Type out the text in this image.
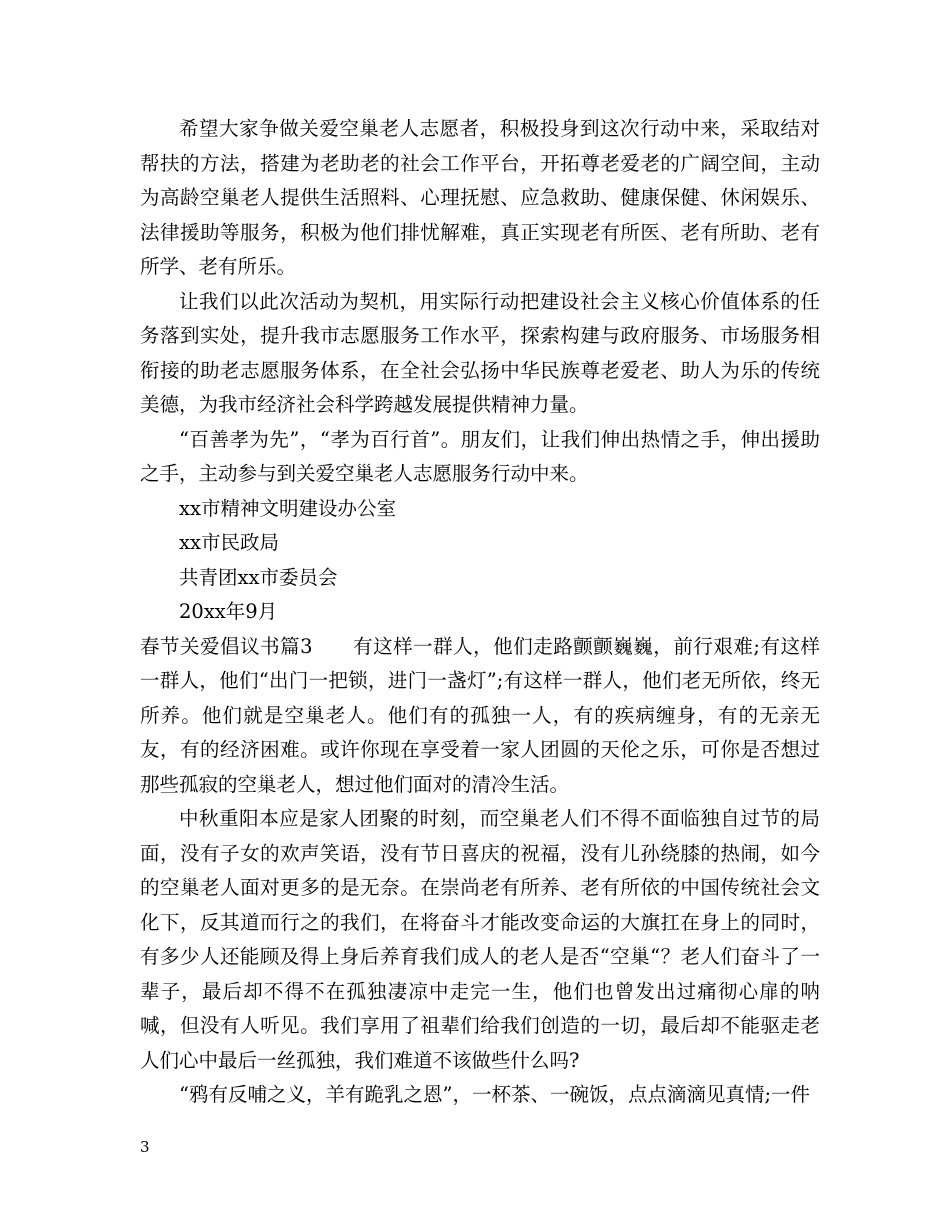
希望大家争做关爱空巢老人志愿者，积极投身到这次行动中来，采取结对帮扶的方法，搭建为老助老的社会工作平台，开拓尊老爱老的广阔空间，主动为高龄空巢老人提供生活照料、心理抚慰、应急救助、健康保健、休闲娱乐、法律援助等服务，积极为他们排忧解难，真正实现老有所医、老有所助、老有所学、老有所乐。

让我们以此次活动为契机，用实际行动把建设社会主义核心价值体系的任务落到实处，提升我市志愿服务工作水平，探索构建与政府服务、市场服务相衔接的助老志愿服务体系，在全社会弘扬中华民族尊老爱老、助人为乐的传统美德，为我市经济社会科学跨越发展提供精神力量。

“百善孝为先”，“孝为百行首”。朋友们，让我们伸出热情之手，伸出援助之手，主动参与到关爱空巢老人志愿服务行动中来。

xx市精神文明建设办公室

xx市民政局

共青团xx市委员会

20xx年9月

春节关爱倡议书篇3　　有这样一群人，他们走路颤颤巍巍，前行艰难;有这样一群人，他们“出门一把锁，进门一盏灯”;有这样一群人，他们老无所依，终无所养。他们就是空巢老人。他们有的孤独一人，有的疾病缠身，有的无亲无友，有的经济困难。或许你现在享受着一家人团圆的天伦之乐，可你是否想过那些孤寂的空巢老人，想过他们面对的清冷生活。

中秋重阳本应是家人团聚的时刻，而空巢老人们不得不面临独自过节的局面，没有子女的欢声笑语，没有节日喜庆的祝福，没有儿孙绕膝的热闹，如今的空巢老人面对更多的是无奈。在崇尚老有所养、老有所依的中国传统社会文化下，反其道而行之的我们，在将奋斗才能改变命运的大旗扛在身上的同时，有多少人还能顾及得上身后养育我们成人的老人是否“空巢“？老人们奋斗了一辈子，最后却不得不在孤独凄凉中走完一生，他们也曾发出过痛彻心扉的呐喊，但没有人听见。我们享用了祖辈们给我们创造的一切，最后却不能驱走老人们心中最后一丝孤独，我们难道不该做些什么吗?

“鸦有反哺之义，羊有跪乳之恩”，一杯茶、一碗饭，点点滴滴见真情;一件

3
